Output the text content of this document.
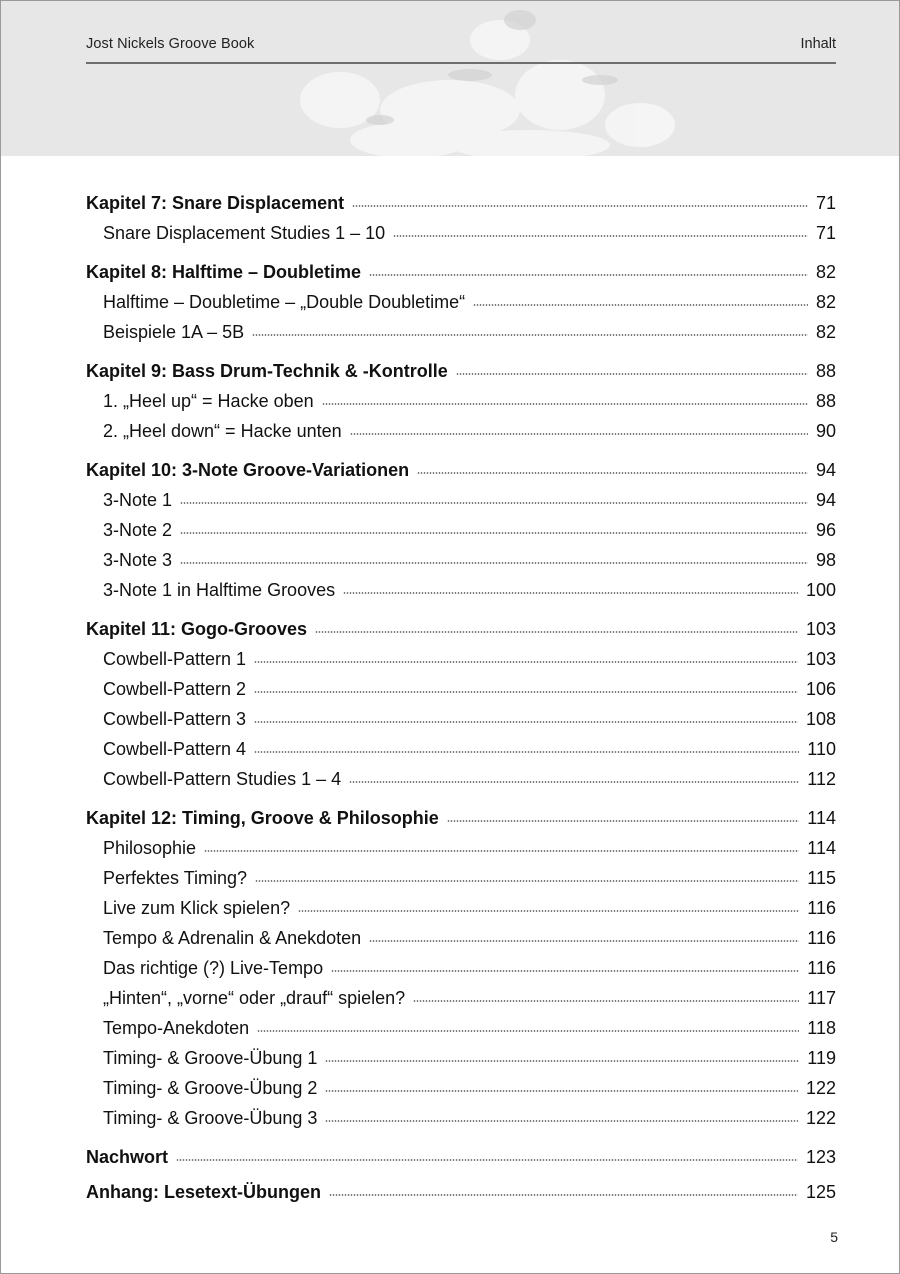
Jost Nickels Groove Book	Inhalt
Kapitel 7: Snare Displacement	71
Snare Displacement Studies 1 – 10	71
Kapitel 8: Halftime – Doubletime	82
Halftime – Doubletime – „Double Doubletime“	82
Beispiele 1A – 5B	82
Kapitel 9: Bass Drum-Technik & -Kontrolle	88
1. „Heel up“ = Hacke oben	88
2. „Heel down“ = Hacke unten	90
Kapitel 10: 3-Note Groove-Variationen	94
3-Note 1	94
3-Note 2	96
3-Note 3	98
3-Note 1 in Halftime Grooves	100
Kapitel 11: Gogo-Grooves	103
Cowbell-Pattern 1	103
Cowbell-Pattern 2	106
Cowbell-Pattern 3	108
Cowbell-Pattern 4	110
Cowbell-Pattern Studies 1 – 4	112
Kapitel 12: Timing, Groove & Philosophie	114
Philosophie	114
Perfektes Timing?	115
Live zum Klick spielen?	116
Tempo & Adrenalin & Anekdoten	116
Das richtige (?) Live-Tempo	116
„Hinten“, „vorne“ oder „drauf“ spielen?	117
Tempo-Anekdoten	118
Timing- & Groove-Übung 1	119
Timing- & Groove-Übung 2	122
Timing- & Groove-Übung 3	122
Nachwort	123
Anhang: Lesetext-Übungen	125
5
